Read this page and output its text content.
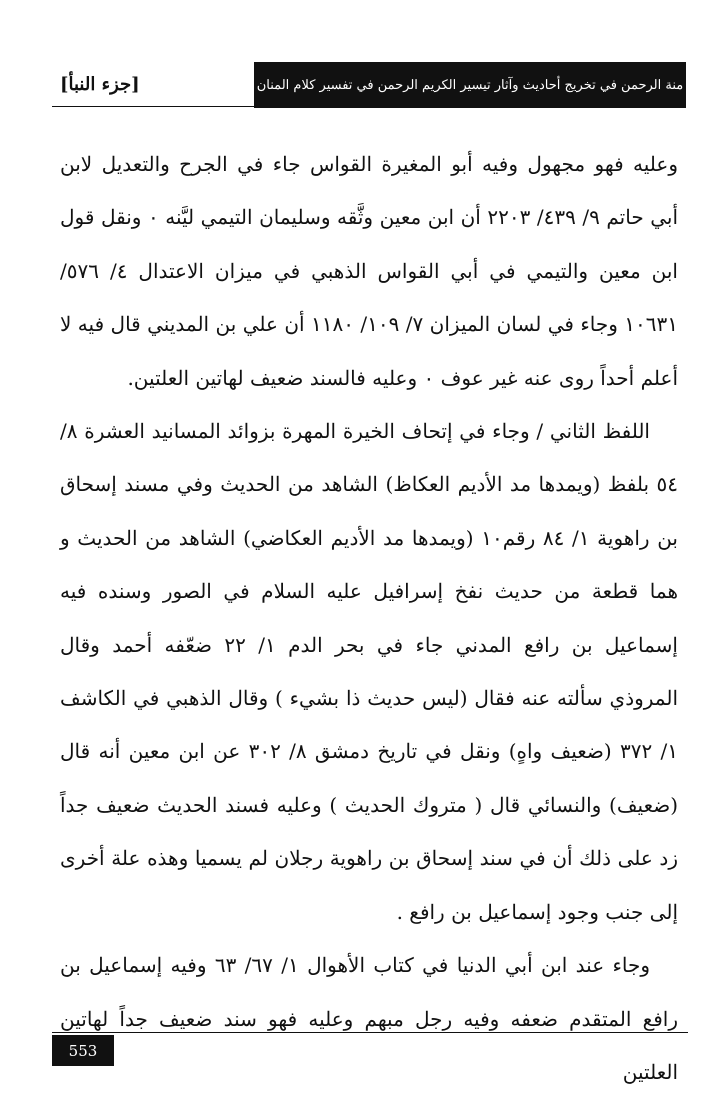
منة الرحمن في تخريج أحاديث وآثار تيسير الكريم الرحمن في تفسير كلام المنان
[جزء النبأ]

وعليه فهو مجهول وفيه أبو المغيرة القواس جاء في الجرح والتعديل لابن أبي حاتم ٩/ ٤٣٩/ ٢٢٠٣ أن ابن معين وثَّقه وسليمان التيمي ليَّنه ٠ ونقل قول ابن معين والتيمي في أبي القواس الذهبي في ميزان الاعتدال ٤/ ٥٧٦/ ١٠٦٣١ وجاء في لسان الميزان ٧/ ١٠٩/ ١١٨٠ أن علي بن المديني قال فيه لا أعلم أحداً روى عنه غير عوف ٠ وعليه فالسند ضعيف لهاتين العلتين.

اللفظ الثاني / وجاء في إتحاف الخيرة المهرة بزوائد المسانيد العشرة ٨/ ٥٤ بلفظ (ويمدها مد الأديم العكاظ) الشاهد من الحديث وفي مسند إسحاق بن راهوية ١/ ٨٤ رقم١٠ (ويمدها مد الأديم العكاضي) الشاهد من الحديث و هما قطعة من حديث نفخ إسرافيل عليه السلام في الصور وسنده فيه إسماعيل بن رافع المدني جاء في بحر الدم ١/ ٢٢ ضعّفه أحمد وقال المروذي سألته عنه فقال (ليس حديث ذا بشيء ) وقال الذهبي في الكاشف ١/ ٣٧٢ (ضعيف واهٍ) ونقل في تاريخ دمشق ٨/ ٣٠٢ عن ابن معين أنه قال (ضعيف) والنسائي قال ( متروك الحديث ) وعليه فسند الحديث ضعيف جداً زد على ذلك أن في سند إسحاق بن راهوية رجلان لم يسميا وهذه علة أخرى إلى جنب وجود إسماعيل بن رافع .

وجاء عند ابن أبي الدنيا في كتاب الأهوال ١/ ٦٧/ ٦٣ وفيه إسماعيل بن رافع المتقدم ضعفه وفيه رجل مبهم وعليه فهو سند ضعيف جداً لهاتين العلتين

553
